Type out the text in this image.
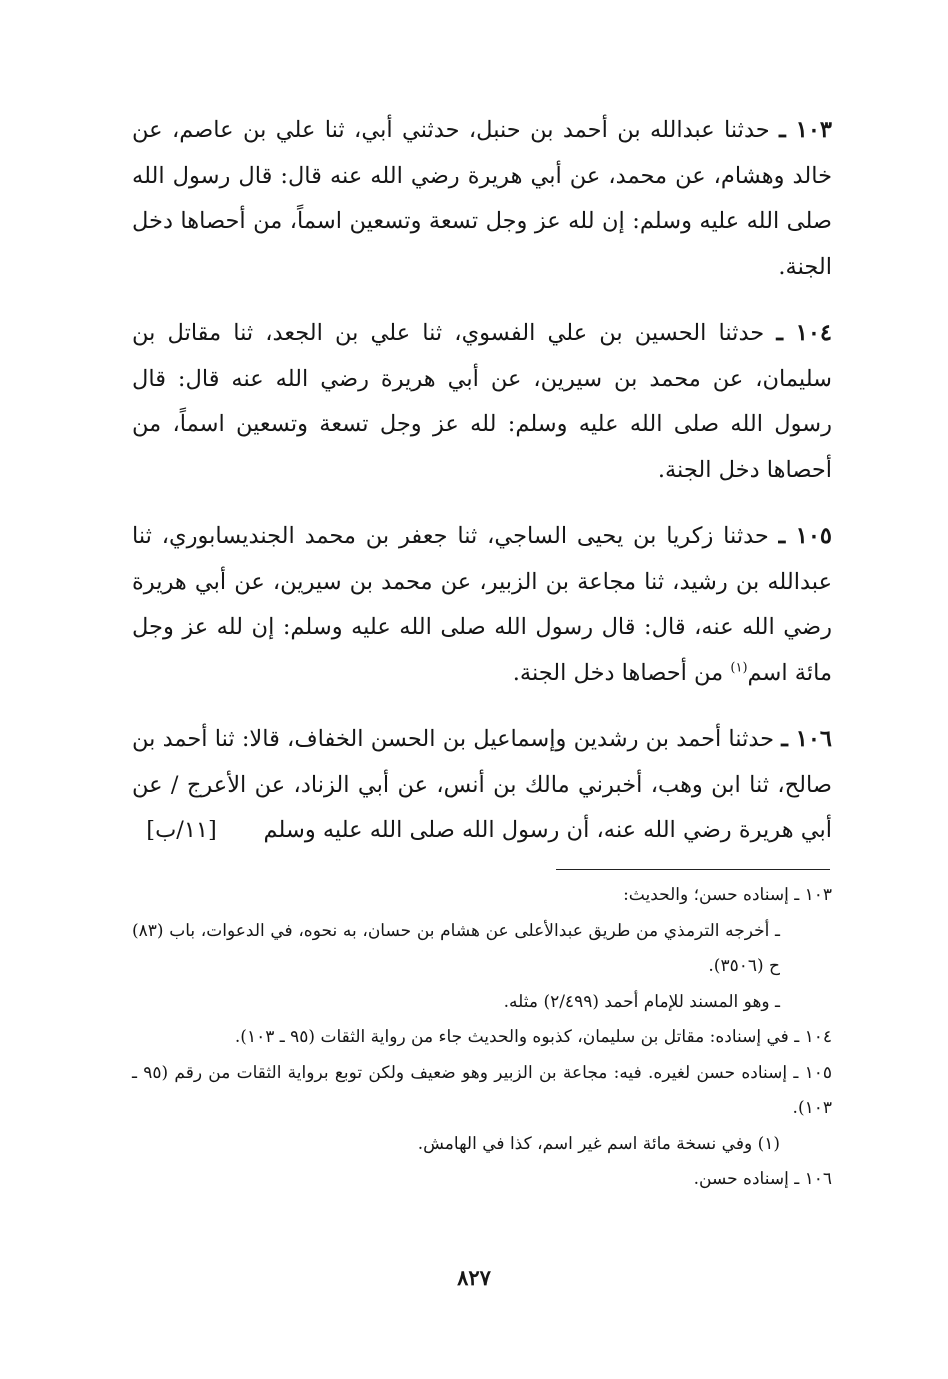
١٠٣ ـ حدثنا عبدالله بن أحمد بن حنبل، حدثني أبي، ثنا علي بن عاصم، عن خالد وهشام، عن محمد، عن أبي هريرة رضي الله عنه قال: قال رسول الله صلى الله عليه وسلم: إن لله عز وجل تسعة وتسعين اسماً، من أحصاها دخل الجنة.

١٠٤ ـ حدثنا الحسين بن علي الفسوي، ثنا علي بن الجعد، ثنا مقاتل بن سليمان، عن محمد بن سيرين، عن أبي هريرة رضي الله عنه قال: قال رسول الله صلى الله عليه وسلم: لله عز وجل تسعة وتسعين اسماً، من أحصاها دخل الجنة.

١٠٥ ـ حدثنا زكريا بن يحيى الساجي، ثنا جعفر بن محمد الجنديسابوري، ثنا عبدالله بن رشيد، ثنا مجاعة بن الزبير، عن محمد بن سيرين، عن أبي هريرة رضي الله عنه، قال: قال رسول الله صلى الله عليه وسلم: إن لله عز وجل مائة اسم$^{(١)}$ من أحصاها دخل الجنة.

١٠٦ ـ حدثنا أحمد بن رشدين وإسماعيل بن الحسن الخفاف، قالا: ثنا أحمد بن صالح، ثنا ابن وهب، أخبرني مالك بن أنس، عن أبي الزناد، عن الأعرج / عن أبي هريرة رضي الله عنه، أن رسول الله صلى الله عليه وسلم
[١١/ب]

١٠٣ ـ إسناده حسن؛ والحديث:

ـ أخرجه الترمذي من طريق عبدالأعلى عن هشام بن حسان، به نحوه، في الدعوات، باب (٨٣) ح (٣٥٠٦).

ـ وهو المسند للإمام أحمد (٢/٤٩٩) مثله.

١٠٤ ـ في إسناده: مقاتل بن سليمان، كذبوه والحديث جاء من رواية الثقات (٩٥ ـ ١٠٣).

١٠٥ ـ إسناده حسن لغيره. فيه: مجاعة بن الزبير وهو ضعيف ولكن توبع برواية الثقات من رقم (٩٥ ـ ١٠٣).

(١) وفي نسخة مائة اسم غير اسم، كذا في الهامش.

١٠٦ ـ إسناده حسن.

٨٢٧
